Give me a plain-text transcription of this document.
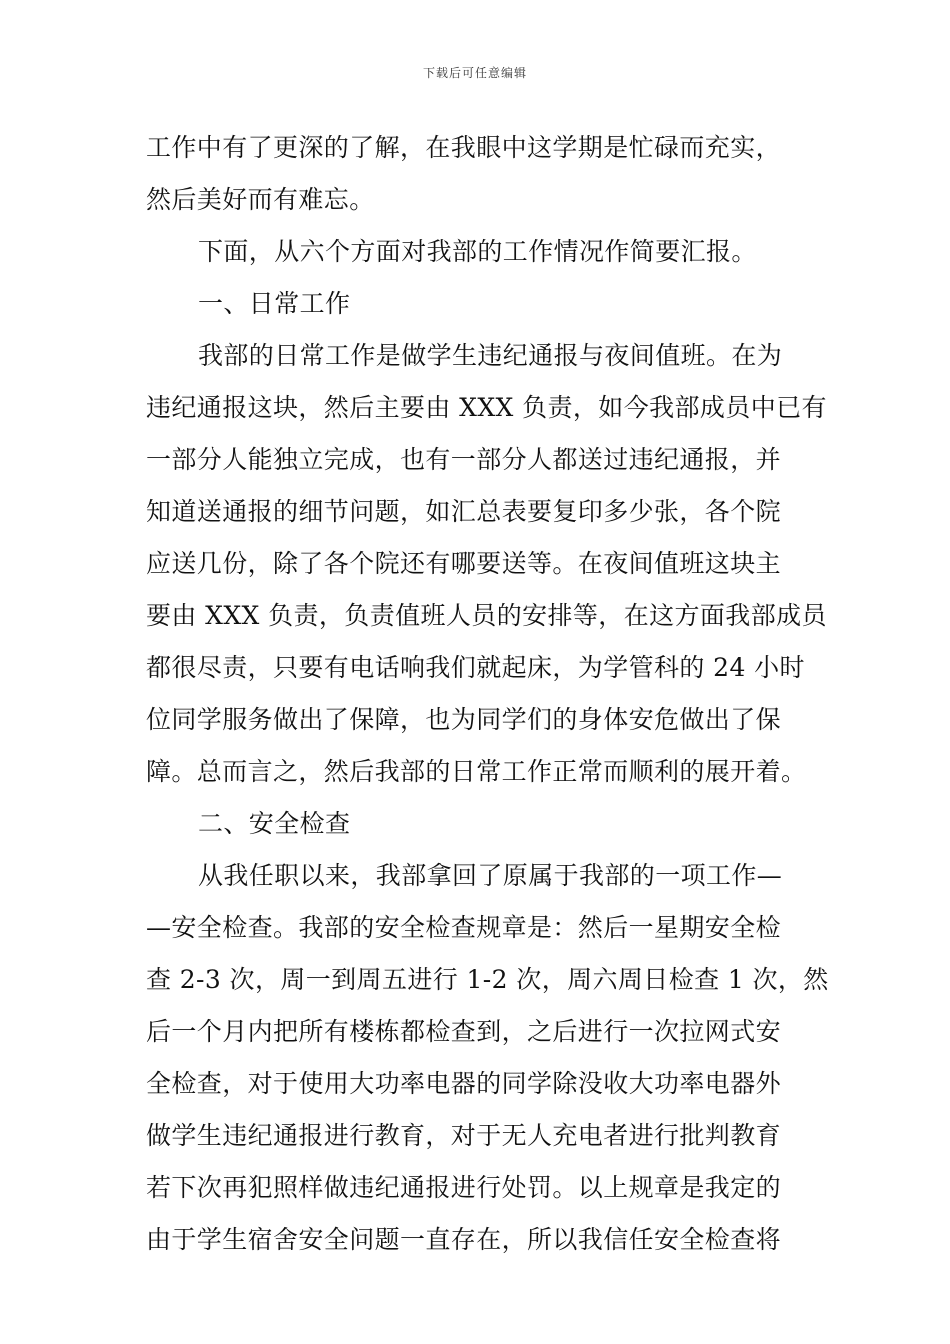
下载后可任意编辑
工作中有了更深的了解，在我眼中这学期是忙碌而充实，
然后美好而有难忘。
下面，从六个方面对我部的工作情况作简要汇报。
一、日常工作
我部的日常工作是做学生违纪通报与夜间值班。在为
违纪通报这块，然后主要由 XXX 负责，如今我部成员中已有
一部分人能独立完成，也有一部分人都送过违纪通报，并
知道送通报的细节问题，如汇总表要复印多少张，各个院
应送几份，除了各个院还有哪要送等。在夜间值班这块主
要由 XXX 负责，负责值班人员的安排等，在这方面我部成员
都很尽责，只要有电话响我们就起床，为学管科的 24 小时
位同学服务做出了保障，也为同学们的身体安危做出了保
障。总而言之，然后我部的日常工作正常而顺利的展开着。
二、安全检查
从我任职以来，我部拿回了原属于我部的一项工作—
—安全检查。我部的安全检查规章是：然后一星期安全检
查 2-3 次，周一到周五进行 1-2 次，周六周日检查 1 次，然
后一个月内把所有楼栋都检查到，之后进行一次拉网式安
全检查，对于使用大功率电器的同学除没收大功率电器外
做学生违纪通报进行教育，对于无人充电者进行批判教育
若下次再犯照样做违纪通报进行处罚。以上规章是我定的
由于学生宿舍安全问题一直存在，所以我信任安全检查将
